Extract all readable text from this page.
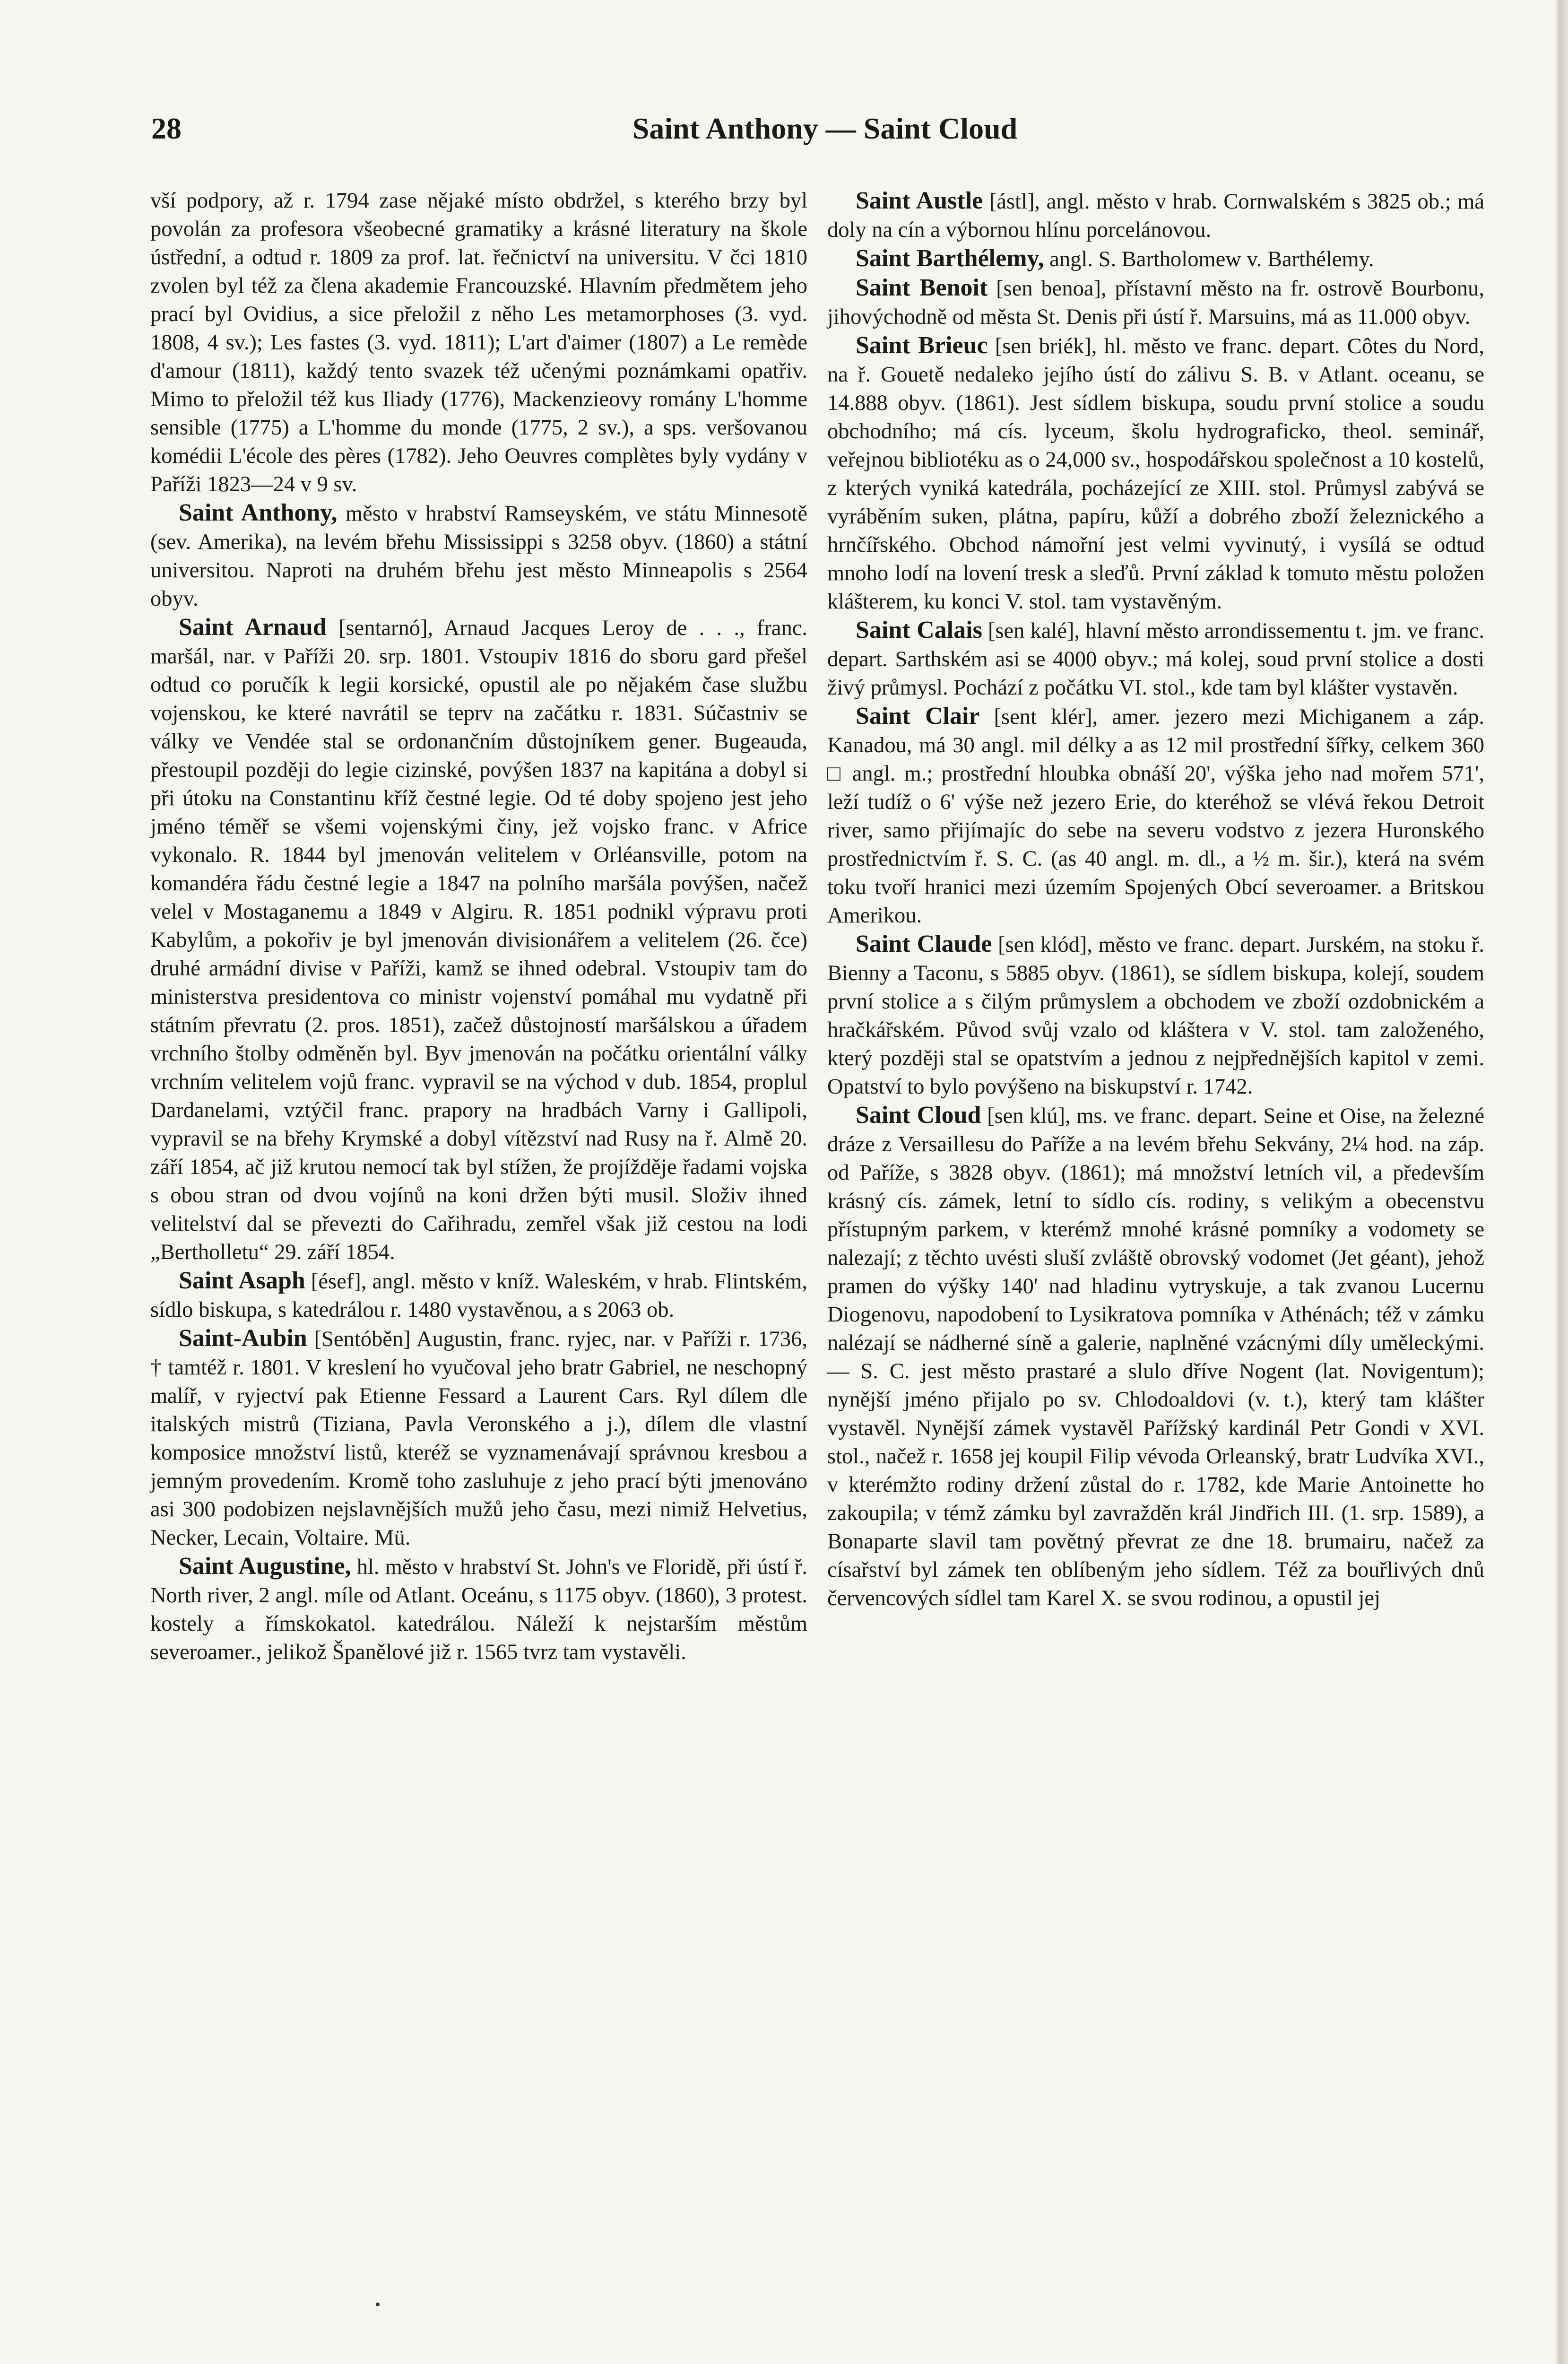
28	Saint Anthony — Saint Cloud

vší podpory, až r. 1794 zase nějaké místo obdržel, s kterého brzy byl povolán za profesora všeobecné gramatiky a krásné literatury na škole ústřední, a odtud r. 1809 za prof. lat. řečnictví na universitu. V čci 1810 zvolen byl též za člena akademie Francouzské. Hlavním předmětem jeho prací byl Ovidius, a sice přeložil z něho Les metamorphoses (3. vyd. 1808, 4 sv.); Les fastes (3. vyd. 1811); L'art d'aimer (1807) a Le remède d'amour (1811), každý tento svazek též učenými poznámkami opatřiv. Mimo to přeložil též kus Iliady (1776), Mackenzieovy romány L'homme sensible (1775) a L'homme du monde (1775, 2 sv.), a sps. veršovanou komédii L'école des pères (1782). Jeho Oeuvres complètes byly vydány v Paříži 1823—24 v 9 sv.

Saint Anthony, město v hrabství Ramseyském, ve státu Minnesotě (sev. Amerika), na levém břehu Mississippi s 3258 obyv. (1860) a státní universitou. Naproti na druhém břehu jest město Minneapolis s 2564 obyv.

Saint Arnaud [sentarnó], Arnaud Jacques Leroy de . . ., franc. maršál, nar. v Paříži 20. srp. 1801. Vstoupiv 1816 do sboru gard přešel odtud co poručík k legii korsické, opustil ale po nějakém čase službu vojenskou, ke které navrátil se teprv na začátku r. 1831. Súčastniv se války ve Vendée stal se ordonančním důstojníkem gener. Bugeauda, přestoupil později do legie cizinské, povýšen 1837 na kapitána a dobyl si při útoku na Constantinu kříž čestné legie. Od té doby spojeno jest jeho jméno téměř se všemi vojenskými činy, jež vojsko franc. v Africe vykonalo. R. 1844 byl jmenován velitelem v Orléansville, potom na komandéra řádu čestné legie a 1847 na polního maršála povýšen, načež velel v Mostaganemu a 1849 v Algiru. R. 1851 podnikl výpravu proti Kabylům, a pokořiv je byl jmenován divisionářem a velitelem (26. čce) druhé armádní divise v Paříži, kamž se ihned odebral. Vstoupiv tam do ministerstva presidentova co ministr vojenství pomáhal mu vydatně při státním převratu (2. pros. 1851), začež důstojností maršálskou a úřadem vrchního štolby odměněn byl. Byv jmenován na počátku orientální války vrchním velitelem vojů franc. vypravil se na východ v dub. 1854, proplul Dardanelami, vztýčil franc. prapory na hradbách Varny i Gallipoli, vypravil se na břehy Krymské a dobyl vítězství nad Rusy na ř. Almě 20. září 1854, ač již krutou nemocí tak byl stížen, že projížděje řadami vojska s obou stran od dvou vojínů na koni držen býti musil. Složiv ihned velitelství dal se převezti do Cařihradu, zemřel však již cestou na lodi „Bertholletu“ 29. září 1854.

Saint Asaph [ésef], angl. město v kníž. Waleském, v hrab. Flintském, sídlo biskupa, s katedrálou r. 1480 vystavěnou, a s 2063 ob.

Saint-Aubin [Sentóběn] Augustin, franc. ryjec, nar. v Paříži r. 1736, † tamtéž r. 1801. V kreslení ho vyučoval jeho bratr Gabriel, ne neschopný malíř, v ryjectví pak Etienne Fessard a Laurent Cars. Ryl dílem dle italských mistrů (Tiziana, Pavla Veronského a j.), dílem dle vlastní komposice množství listů, kteréž se vyznamenávají správnou kresbou a jemným provedením. Kromě toho zasluhuje z jeho prací býti jmenováno asi 300 podobizen nejslavnějších mužů jeho času, mezi nimiž Helvetius, Necker, Lecain, Voltaire. Mü.

Saint Augustine, hl. město v hrabství St. John's ve Floridě, při ústí ř. North river, 2 angl. míle od Atlant. Oceánu, s 1175 obyv. (1860), 3 protest. kostely a římskokatol. katedrálou. Náleží k nejstarším městům severoamer., jelikož Španělové již r. 1565 tvrz tam vystavěli.

Saint Austle [ástl], angl. město v hrab. Cornwalském s 3825 ob.; má doly na cín a výbornou hlínu porcelánovou.

Saint Barthélemy, angl. S. Bartholomew v. Barthélemy.

Saint Benoit [sen benoa], přístavní město na fr. ostrově Bourbonu, jihovýchodně od města St. Denis při ústí ř. Marsuins, má as 11.000 obyv.

Saint Brieuc [sen briék], hl. město ve franc. depart. Côtes du Nord, na ř. Gouetě nedaleko jejího ústí do zálivu S. B. v Atlant. oceanu, se 14.888 obyv. (1861). Jest sídlem biskupa, soudu první stolice a soudu obchodního; má cís. lyceum, školu hydrograficko, theol. seminář, veřejnou bibliotéku as o 24,000 sv., hospodářskou společnost a 10 kostelů, z kterých vyniká katedrála, pocházející ze XIII. stol. Průmysl zabývá se vyráběním suken, plátna, papíru, kůží a dobrého zboží železnického a hrnčířského. Obchod námořní jest velmi vyvinutý, i vysílá se odtud mnoho lodí na lovení tresk a sleďů. První základ k tomuto městu položen klášterem, ku konci V. stol. tam vystavěným.

Saint Calais [sen kalé], hlavní město arrondissementu t. jm. ve franc. depart. Sarthském asi se 4000 obyv.; má kolej, soud první stolice a dosti živý průmysl. Pochází z počátku VI. stol., kde tam byl klášter vystavěn.

Saint Clair [sent klér], amer. jezero mezi Michiganem a záp. Kanadou, má 30 angl. mil délky a as 12 mil prostřední šířky, celkem 360 □ angl. m.; prostřední hloubka obnáší 20', výška jeho nad mořem 571', leží tudíž o 6' výše než jezero Erie, do kteréhož se vlévá řekou Detroit river, samo přijímajíc do sebe na severu vodstvo z jezera Huronského prostřednictvím ř. S. C. (as 40 angl. m. dl., a ½ m. šir.), která na svém toku tvoří hranici mezi územím Spojených Obcí severoamer. a Britskou Amerikou.

Saint Claude [sen klód], město ve franc. depart. Jurském, na stoku ř. Bienny a Taconu, s 5885 obyv. (1861), se sídlem biskupa, kolejí, soudem první stolice a s čilým průmyslem a obchodem ve zboží ozdobnickém a hračkářském. Původ svůj vzalo od kláštera v V. stol. tam založeného, který později stal se opatstvím a jednou z nejpřednějších kapitol v zemi. Opatství to bylo povýšeno na biskupství r. 1742.

Saint Cloud [sen klú], ms. ve franc. depart. Seine et Oise, na železné dráze z Versaillesu do Paříže a na levém břehu Sekvány, 2¼ hod. na záp. od Paříže, s 3828 obyv. (1861); má množství letních vil, a především krásný cís. zámek, letní to sídlo cís. rodiny, s velikým a obecenstvu přístupným parkem, v kterémž mnohé krásné pomníky a vodomety se nalezají; z těchto uvésti sluší zvláště obrovský vodomet (Jet géant), jehož pramen do výšky 140' nad hladinu vytryskuje, a tak zvanou Lucernu Diogenovu, napodobení to Lysikratova pomníka v Athénách; též v zámku nalézají se nádherné síně a galerie, naplněné vzácnými díly uměleckými. — S. C. jest město prastaré a slulo dříve Nogent (lat. Novigentum); nynější jméno přijalo po sv. Chlodoaldovi (v. t.), který tam klášter vystavěl. Nynější zámek vystavěl Pařížský kardinál Petr Gondi v XVI. stol., načež r. 1658 jej koupil Filip vévoda Orleanský, bratr Ludvíka XVI., v kterémžto rodiny držení zůstal do r. 1782, kde Marie Antoinette ho zakoupila; v témž zámku byl zavražděn král Jindřich III. (1. srp. 1589), a Bonaparte slavil tam povětný převrat ze dne 18. brumairu, načež za císařství byl zámek ten oblíbeným jeho sídlem. Též za bouřlivých dnů červencových sídlel tam Karel X. se svou rodinou, a opustil jej
